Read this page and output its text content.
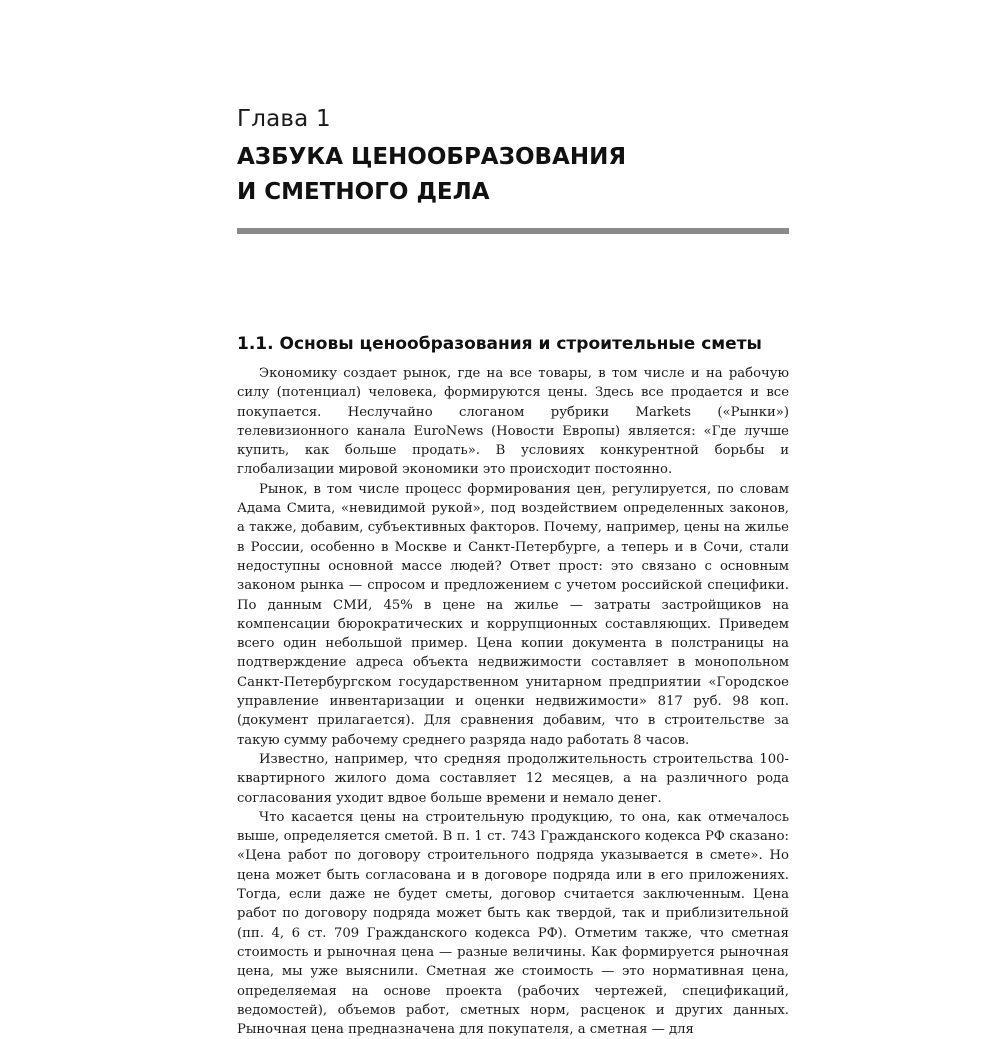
Глава 1
АЗБУКА ЦЕНООБРАЗОВАНИЯ
И СМЕТНОГО ДЕЛА
1.1. Основы ценообразования и строительные сметы

Экономику создает рынок, где на все товары, в том числе и на рабочую силу (потенциал) человека, формируются цены. Здесь все продается и все покупается. Неслучайно слоганом рубрики Markets («Рынки») телевизионного канала EuroNews (Новости Европы) является: «Где лучше купить, как больше продать». В условиях конкурентной борьбы и глобализации мировой экономики это происходит постоянно.

Рынок, в том числе процесс формирования цен, регулируется, по словам Адама Смита, «невидимой рукой», под воздействием определенных законов, а также, добавим, субъективных факторов. Почему, например, цены на жилье в России, особенно в Москве и Санкт-Петербурге, а теперь и в Сочи, стали недоступны основной массе людей? Ответ прост: это связано с основным законом рынка — спросом и предложением с учетом российской специфики. По данным СМИ, 45% в цене на жилье — затраты застройщиков на компенсации бюрократических и коррупционных составляющих. Приведем всего один небольшой пример. Цена копии документа в полстраницы на подтверждение адреса объекта недвижимости составляет в монопольном Санкт-Петербургском государственном унитарном предприятии «Городское управление инвентаризации и оценки недвижимости» 817 руб. 98 коп. (документ прилагается). Для сравнения добавим, что в строительстве за такую сумму рабочему среднего разряда надо работать 8 часов.

Известно, например, что средняя продолжительность строительства 100-квартирного жилого дома составляет 12 месяцев, а на различного рода согласования уходит вдвое больше времени и немало денег.

Что касается цены на строительную продукцию, то она, как отмечалось выше, определяется сметой. В п. 1 ст. 743 Гражданского кодекса РФ сказано: «Цена работ по договору строительного подряда указывается в смете». Но цена может быть согласована и в договоре подряда или в его приложениях. Тогда, если даже не будет сметы, договор считается заключенным. Цена работ по договору подряда может быть как твердой, так и приблизительной (пп. 4, 6 ст. 709 Гражданского кодекса РФ). Отметим также, что сметная стоимость и рыночная цена — разные величины. Как формируется рыночная цена, мы уже выяснили. Сметная же стоимость — это нормативная цена, определяемая на основе проекта (рабочих чертежей, спецификаций, ведомостей), объемов работ, сметных норм, расценок и других данных. Рыночная цена предназначена для покупателя, а сметная — для
